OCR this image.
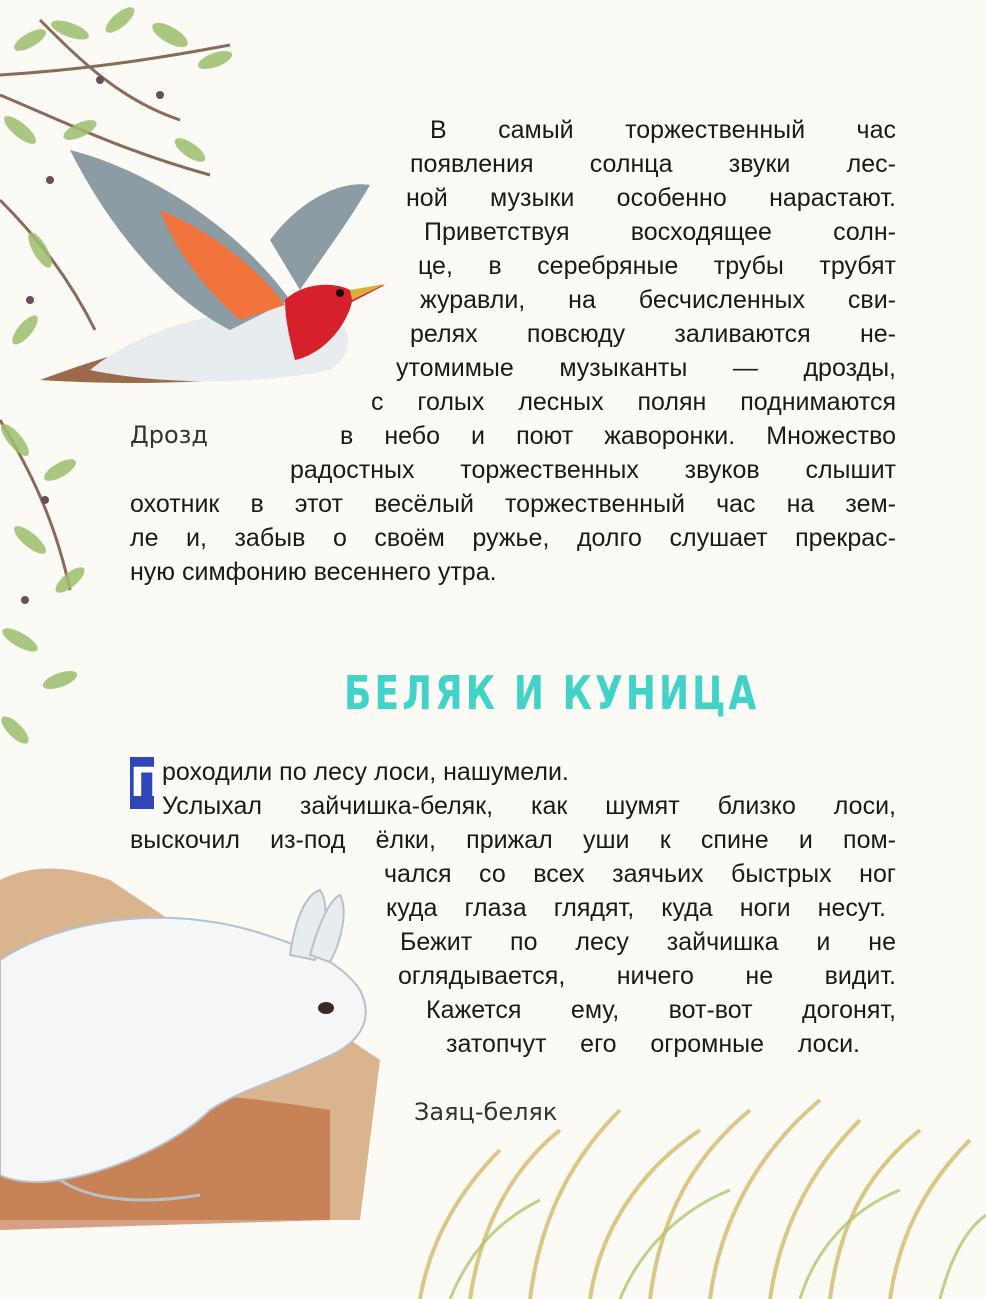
В самый торжественный час
появления солнца звуки лес-
ной музыки особенно нарастают.
Приветствуя восходящее солн-
це, в серебряные трубы трубят
журавли, на бесчисленных сви-
релях повсюду заливаются не-
утомимые музыканты — дрозды,
с голых лесных полян поднимаются
в небо и поют жаворонки. Множество
радостных торжественных звуков слышит
охотник в этот весёлый торжественный час на зем-
ле и, забыв о своём ружье, долго слушает прекрас-
ную симфонию весеннего утра.
Дрозд
БЕЛЯК И КУНИЦА
П
роходили по лесу лоси, нашумели.
Услыхал зайчишка-беляк, как шумят близко лоси,
выскочил из-под ёлки, прижал уши к спине и пом-
чался со всех заячьих быстрых ног
куда глаза глядят, куда ноги несут.
Бежит по лесу зайчишка и не
оглядывается, ничего не видит.
Кажется ему, вот-вот догонят,
затопчут его огромные лоси.
Заяц-беляк
